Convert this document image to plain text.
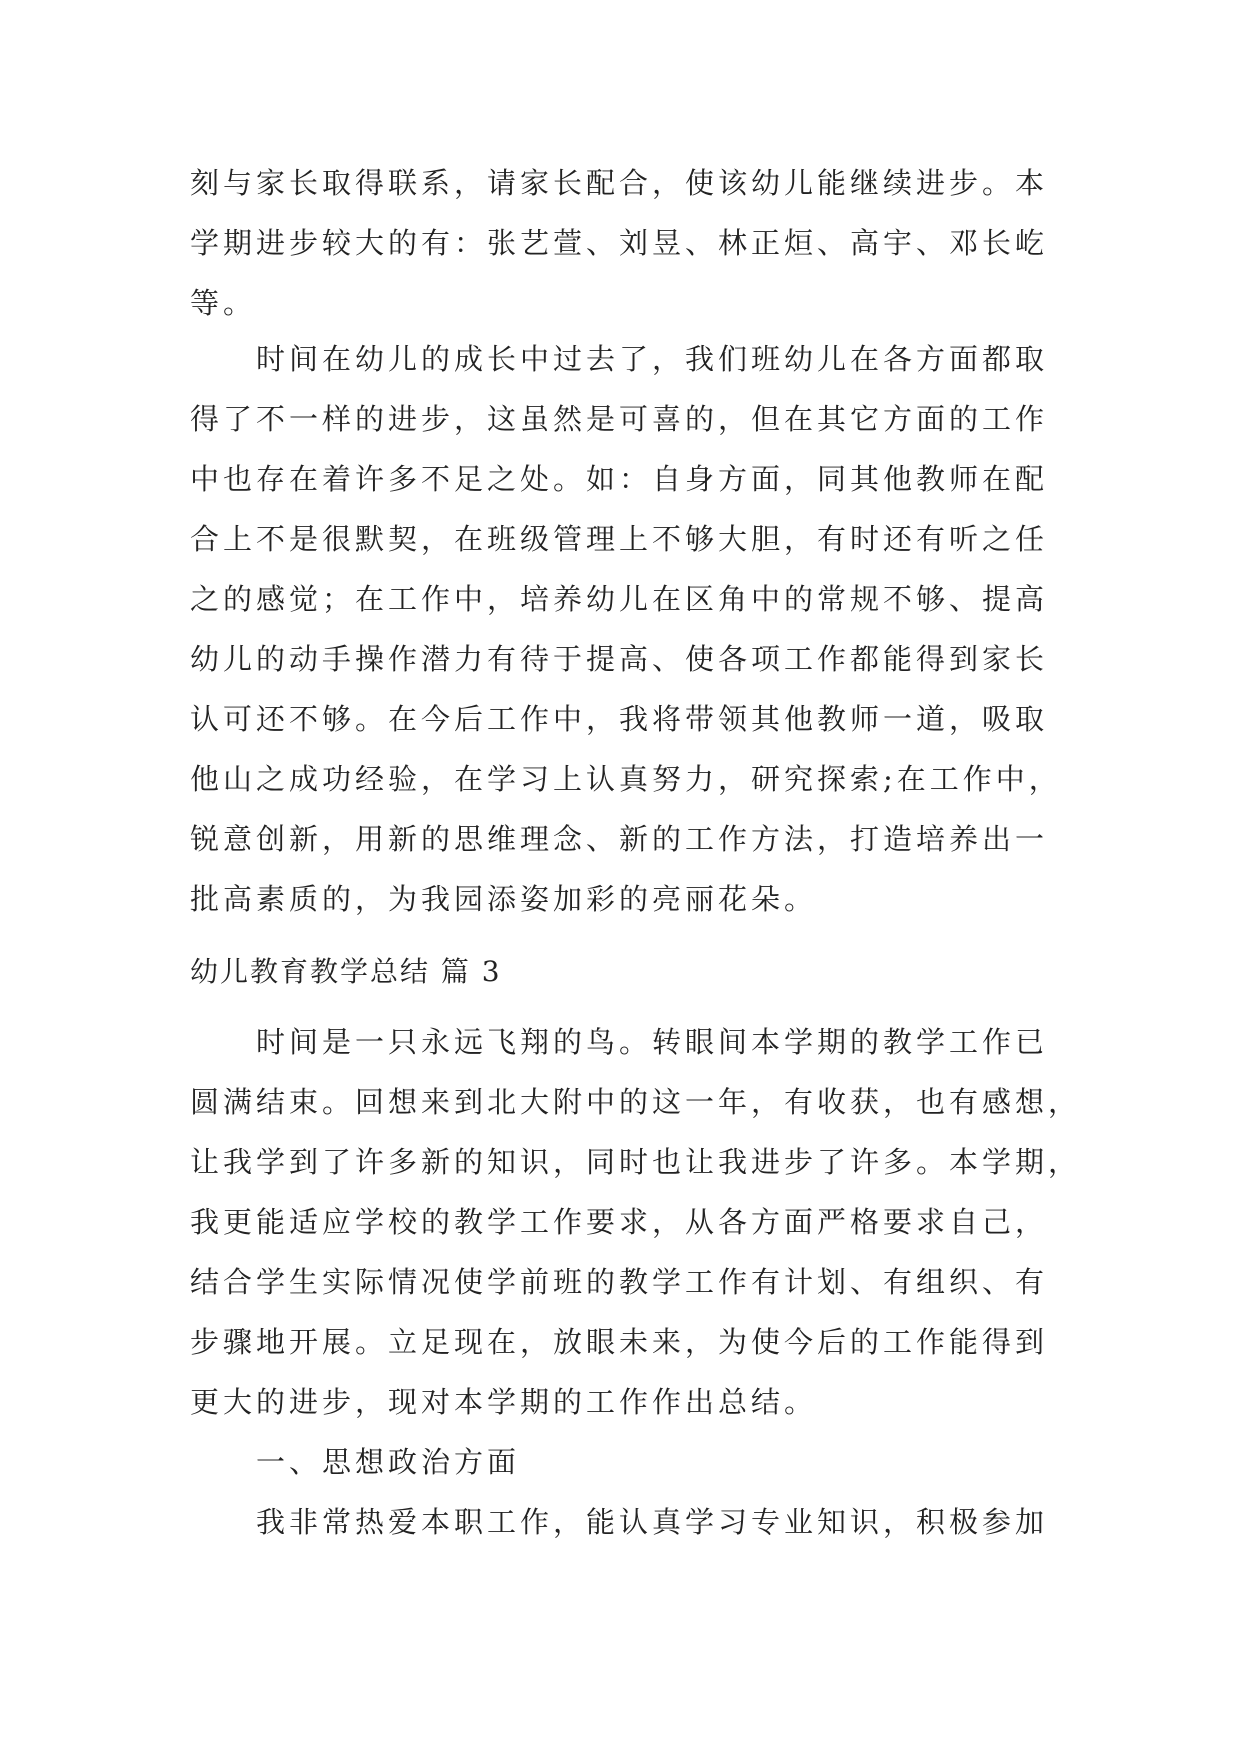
刻与家长取得联系，请家长配合，使该幼儿能继续进步。本
学期进步较大的有：张艺萱、刘昱、林正烜、高宇、邓长屹
等。
时间在幼儿的成长中过去了，我们班幼儿在各方面都取
得了不一样的进步，这虽然是可喜的，但在其它方面的工作
中也存在着许多不足之处。如：自身方面，同其他教师在配
合上不是很默契，在班级管理上不够大胆，有时还有听之任
之的感觉；在工作中，培养幼儿在区角中的常规不够、提高
幼儿的动手操作潜力有待于提高、使各项工作都能得到家长
认可还不够。在今后工作中，我将带领其他教师一道，吸取
他山之成功经验，在学习上认真努力，研究探索;在工作中，
锐意创新，用新的思维理念、新的工作方法，打造培养出一
批高素质的，为我园添姿加彩的亮丽花朵。
幼儿教育教学总结 篇 3
时间是一只永远飞翔的鸟。转眼间本学期的教学工作已
圆满结束。回想来到北大附中的这一年，有收获，也有感想，
让我学到了许多新的知识，同时也让我进步了许多。本学期，
我更能适应学校的教学工作要求，从各方面严格要求自己，
结合学生实际情况使学前班的教学工作有计划、有组织、有
步骤地开展。立足现在，放眼未来，为使今后的工作能得到
更大的进步，现对本学期的工作作出总结。
一、思想政治方面
我非常热爱本职工作，能认真学习专业知识，积极参加
